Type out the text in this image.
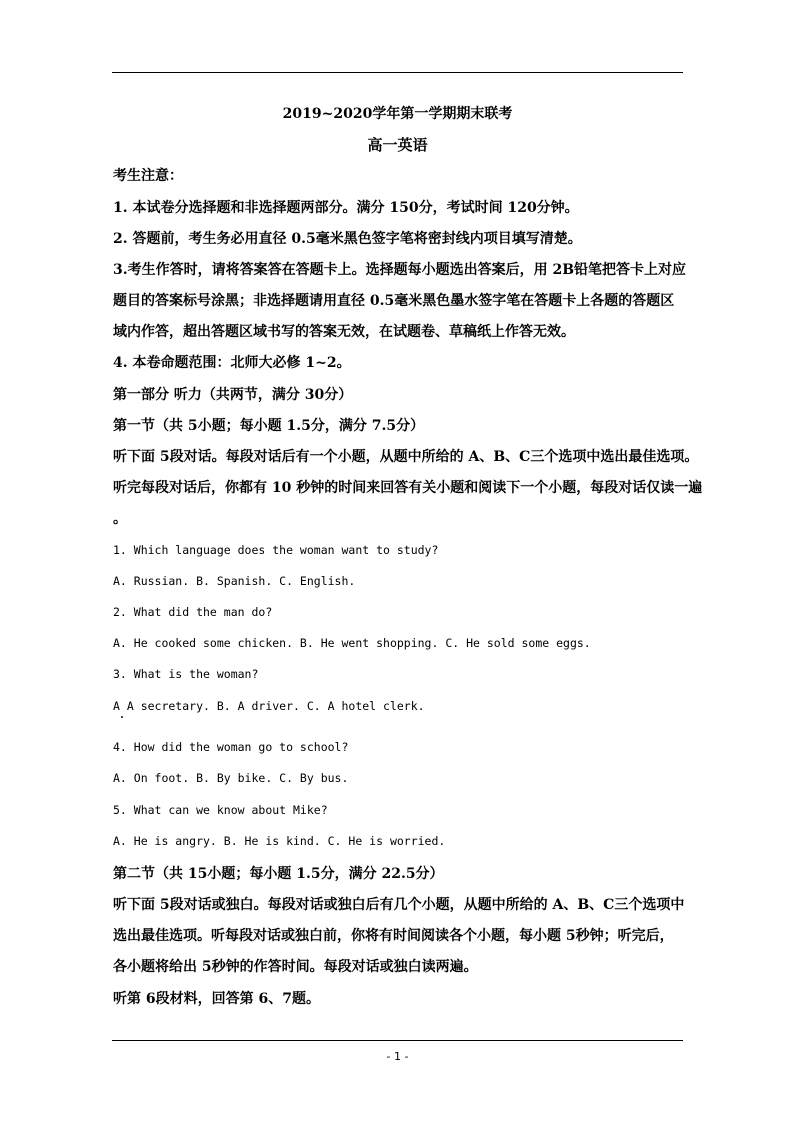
2019~2020学年第一学期期末联考
高一英语
考生注意：
1. 本试卷分选择题和非选择题两部分。满分 150分，考试时间 120分钟。
2. 答题前，考生务必用直径 0.5毫米黑色签字笔将密封线内项目填写清楚。
3.考生作答时，请将答案答在答题卡上。选择题每小题选出答案后，用 2B铅笔把答卡上对应
题目的答案标号涂黑；非选择题请用直径 0.5毫米黑色墨水签字笔在答题卡上各题的答题区
域内作答，超出答题区域书写的答案无效，在试题卷、草稿纸上作答无效。
4. 本卷命题范围：北师大必修 1~2。
第一部分 听力（共两节，满分 30分）
第一节（共 5小题；每小题 1.5分，满分 7.5分）
听下面 5段对话。每段对话后有一个小题，从题中所给的 A、B、C三个选项中选出最佳选项。
听完每段对话后，你都有 10 秒钟的时间来回答有关小题和阅读下一个小题，每段对话仅读一遍
。
1. Which language does the woman want to study?
A. Russian. B. Spanish. C. English.
2. What did the man do?
A. He cooked some chicken. B. He went shopping. C. He sold some eggs.
3. What is the woman?
A A secretary. B. A driver. C. A hotel clerk.
4. How did the woman go to school?
A. On foot. B. By bike. C. By bus.
5. What can we know about Mike?
A. He is angry. B. He is kind. C. He is worried.
第二节（共 15小题；每小题 1.5分，满分 22.5分）
听下面 5段对话或独白。每段对话或独白后有几个小题，从题中所给的 A、B、C三个选项中
选出最佳选项。听每段对话或独白前，你将有时间阅读各个小题，每小题 5秒钟；听完后，
各小题将给出 5秒钟的作答时间。每段对话或独白读两遍。
听第 6段材料，回答第 6、7题。
- 1 -
